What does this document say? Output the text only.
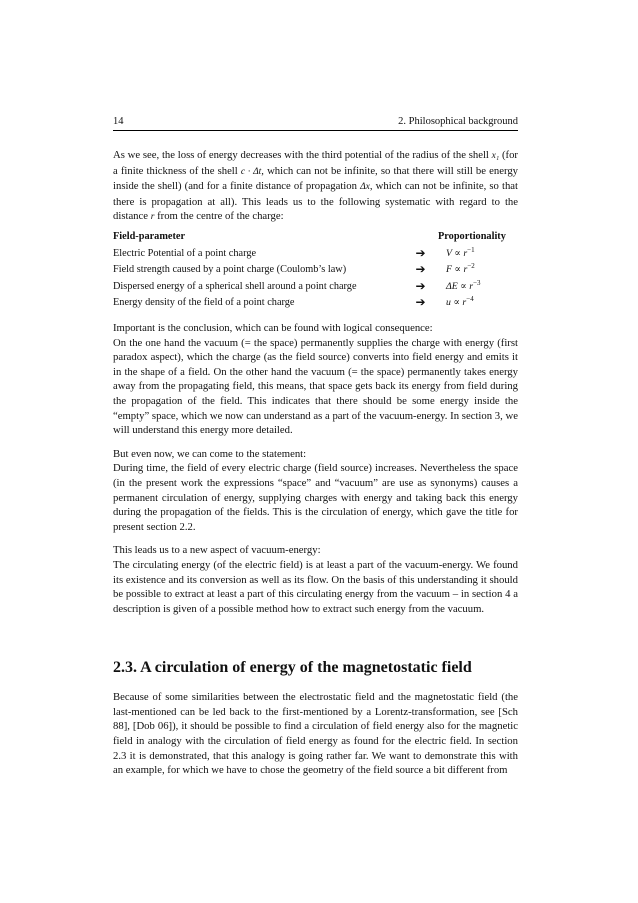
14	2. Philosophical background

As we see, the loss of energy decreases with the third potential of the radius of the shell x₁ (for a finite thickness of the shell c · Δt, which can not be infinite, so that there will still be energy inside the shell) (and for a finite distance of propagation Δx, which can not be infinite, so that there is propagation at all). This leads us to the following systematic with regard to the distance r from the centre of the charge:

Field-parameter		Proportionality
Electric Potential of a point charge	➔	$V \propto r^{-1}$
Field strength caused by a point charge (Coulomb’s law)	➔	$F \propto r^{-2}$
Dispersed energy of a spherical shell around a point charge	➔	$\Delta E \propto r^{-3}$
Energy density of the field of a point charge	➔	$u \propto r^{-4}$

Important is the conclusion, which can be found with logical consequence:
On the one hand the vacuum (= the space) permanently supplies the charge with energy (first paradox aspect), which the charge (as the field source) converts into field energy and emits it in the shape of a field. On the other hand the vacuum (= the space) permanently takes energy away from the propagating field, this means, that space gets back its energy from field during the propagation of the field. This indicates that there should be some energy inside the “empty” space, which we now can understand as a part of the vacuum-energy. In section 3, we will understand this energy more detailed.

But even now, we can come to the statement:
During time, the field of every electric charge (field source) increases. Nevertheless the space (in the present work the expressions “space” and “vacuum” are use as synonyms) causes a permanent circulation of energy, supplying charges with energy and taking back this energy during the propagation of the fields. This is the circulation of energy, which gave the title for present section 2.2.

This leads us to a new aspect of vacuum-energy:
The circulating energy (of the electric field) is at least a part of the vacuum-energy. We found its existence and its conversion as well as its flow. On the basis of this understanding it should be possible to extract at least a part of this circulating energy from the vacuum – in section 4 a description is given of a possible method how to extract such energy from the vacuum.

2.3. A circulation of energy of the magnetostatic field

Because of some similarities between the electrostatic field and the magnetostatic field (the last-mentioned can be led back to the first-mentioned by a Lorentz-transformation, see [Sch 88], [Dob 06]), it should be possible to find a circulation of field energy also for the magnetic field in analogy with the circulation of field energy as found for the electric field. In section 2.3 it is demonstrated, that this analogy is going rather far. We want to demonstrate this with an example, for which we have to chose the geometry of the field source a bit different from
